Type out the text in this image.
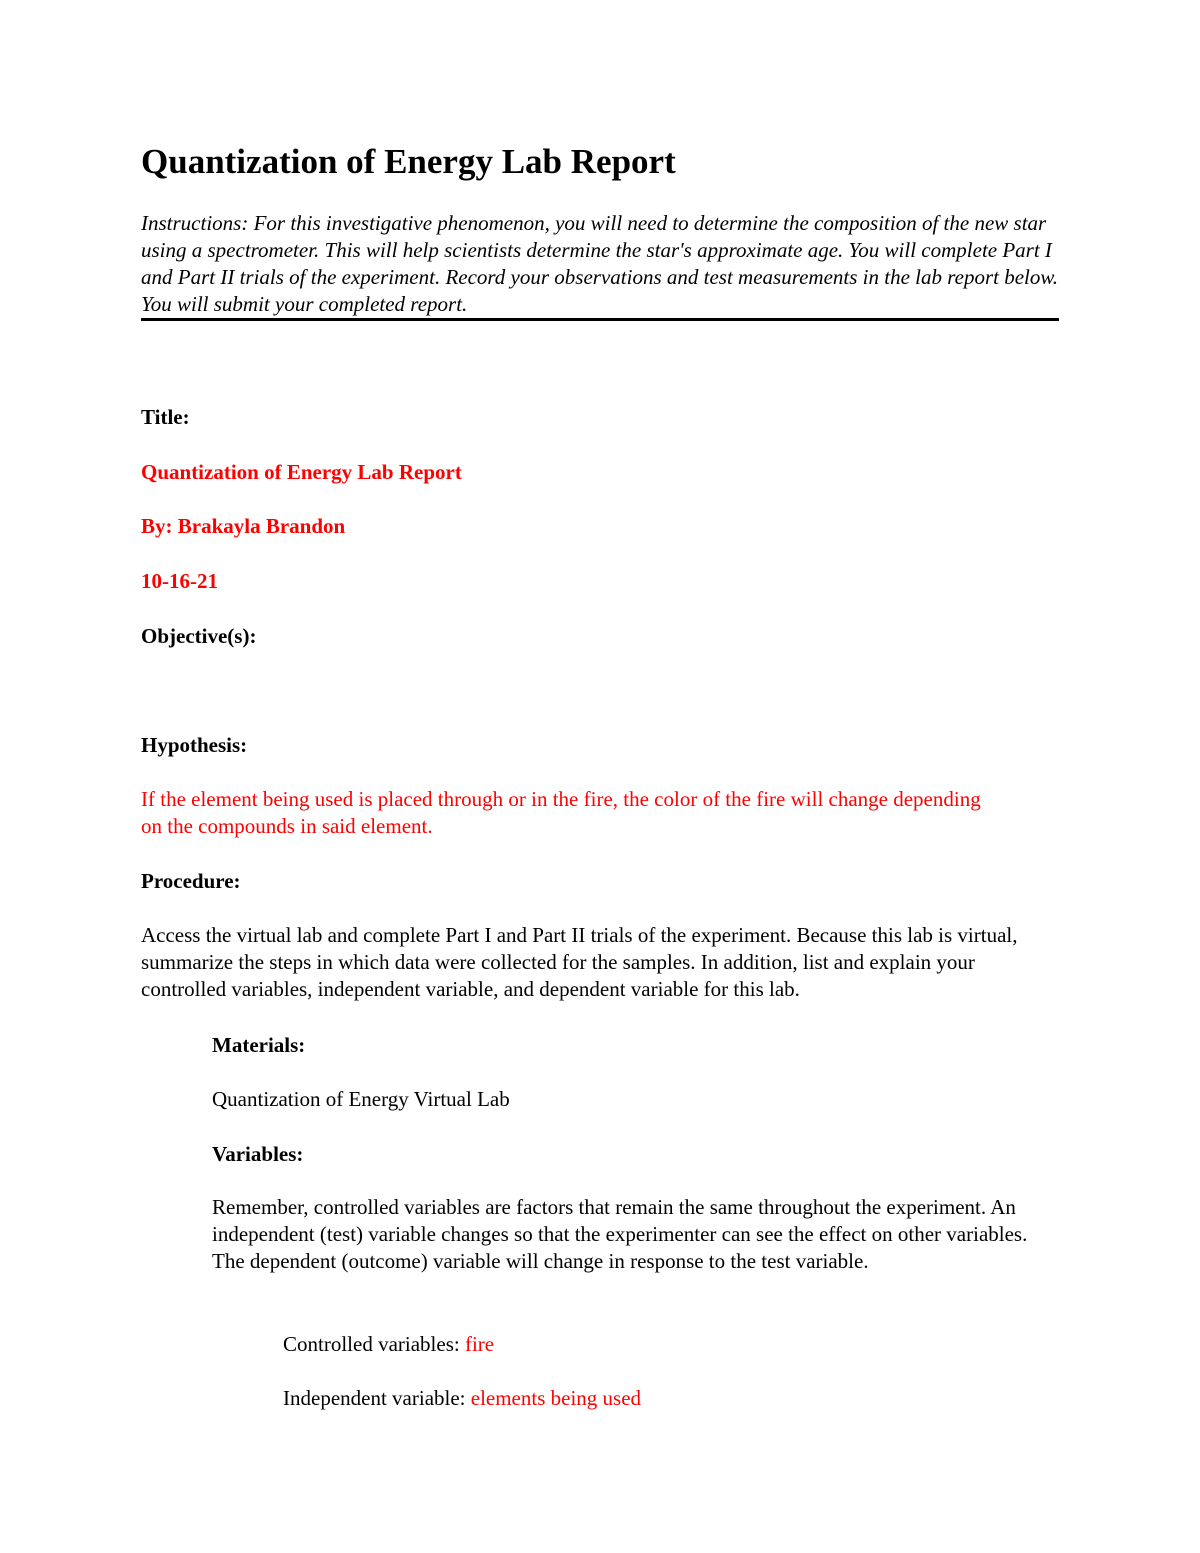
Quantization of Energy Lab Report

Instructions: For this investigative phenomenon, you will need to determine the composition of the new star using a spectrometer. This will help scientists determine the star's approximate age. You will complete Part I and Part II trials of the experiment. Record your observations and test measurements in the lab report below. You will submit your completed report.

Title:

Quantization of Energy Lab Report

By: Brakayla Brandon

10-16-21

Objective(s):

Hypothesis:

If the element being used is placed through or in the fire, the color of the fire will change depending on the compounds in said element.

Procedure:

Access the virtual lab and complete Part I and Part II trials of the experiment. Because this lab is virtual, summarize the steps in which data were collected for the samples. In addition, list and explain your controlled variables, independent variable, and dependent variable for this lab.

Materials:

Quantization of Energy Virtual Lab

Variables:

Remember, controlled variables are factors that remain the same throughout the experiment. An independent (test) variable changes so that the experimenter can see the effect on other variables. The dependent (outcome) variable will change in response to the test variable.

Controlled variables: fire

Independent variable: elements being used
